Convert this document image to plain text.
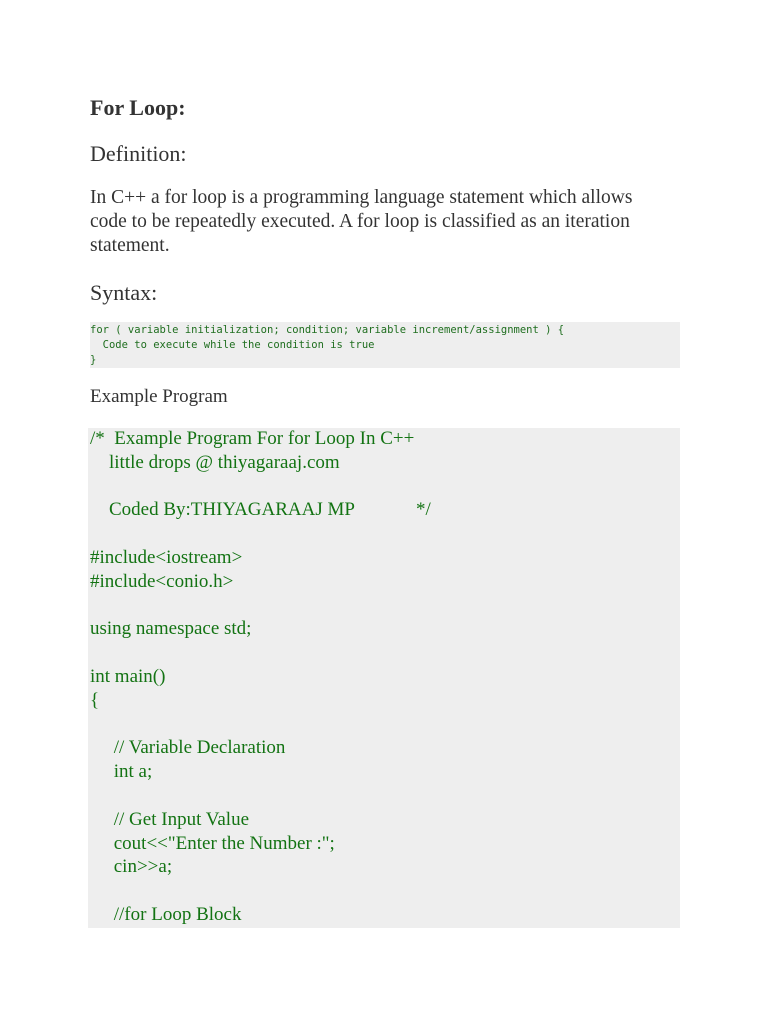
For Loop:
Definition:
In C++ a for loop is a programming language statement which allows
code to be repeatedly executed. A for loop is classified as an iteration
statement.
Syntax:
for ( variable initialization; condition; variable increment/assignment ) {
Code to execute while the condition is true
}
Example Program
/*  Example Program For for Loop In C++
little drops @ thiyagaraaj.com
Coded By:THIYAGARAAJ MP             */
#include<iostream>
#include<conio.h>
using namespace std;
int main()
{
// Variable Declaration
int a;
// Get Input Value
cout<<"Enter the Number :";
cin>>a;
//for Loop Block
